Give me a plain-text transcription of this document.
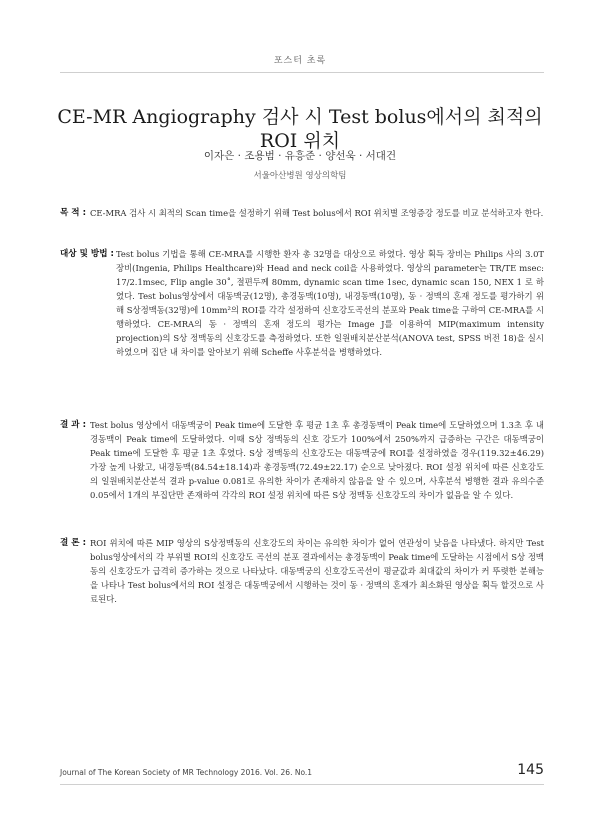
포스터 초록
CE-MR Angiography 검사 시 Test bolus에서의 최적의 ROI 위치
이자은 · 조용범 · 유흥준 · 양선욱 · 서대건
서울아산병원 영상의학팀
목 적 : CE-MRA 검사 시 최적의 Scan time을 설정하기 위해 Test bolus에서 ROI 위치별 조영증강 정도를 비교 분석하고자 한다.

대상 및 방법 : Test bolus 기법을 통해 CE-MRA를 시행한 환자 총 32명을 대상으로 하였다. 영상 획득 장비는 Philips 사의 3.0T 장비(Ingenia, Philips Healthcare)와 Head and neck coil을 사용하였다. 영상의 parameter는 TR/TE msec: 17/2.1msec, Flip angle 30˚, 절편두께 80mm, dynamic scan time 1sec, dynamic scan 150, NEX 1 로 하였다. Test bolus영상에서 대동맥궁(12명), 총경동맥(10명), 내경동맥(10명), 동 · 정맥의 혼재 정도를 평가하기 위해 S상정맥동(32명)에 10mm²의 ROI를 각각 설정하여 신호강도곡선의 분포와 Peak time을 구하여 CE-MRA를 시행하였다. CE-MRA의 동 · 정맥의 혼재 정도의 평가는 Image J를 이용하여 MIP(maximum intensity projection)의 S상 정맥동의 신호강도를 측정하였다. 또한 일원배치분산분석(ANOVA test, SPSS 버전 18)을 실시하였으며 집단 내 차이를 알아보기 위해 Scheffe 사후분석을 병행하였다.

결 과 : Test bolus 영상에서 대동맥궁이 Peak time에 도달한 후 평균 1초 후 총경동맥이 Peak time에 도달하였으며 1.3초 후 내경동맥이 Peak time에 도달하였다. 이때 S상 정맥동의 신호 강도가 100%에서 250%까지 급증하는 구간은 대동맥궁이 Peak time에 도달한 후 평균 1초 후였다. S상 정맥동의 신호강도는 대동맥궁에 ROI를 설정하였을 경우(119.32±46.29) 가장 높게 나왔고, 내경동맥(84.54±18.14)과 총경동맥(72.49±22.17) 순으로 낮아졌다. ROI 설정 위치에 따른 신호강도의 일원배치분산분석 결과 p-value 0.081로 유의한 차이가 존재하지 않음을 알 수 있으며, 사후분석 병행한 결과 유의수준 0.05에서 1개의 부집단만 존재하여 각각의 ROI 설정 위치에 따른 S상 정맥동 신호강도의 차이가 없음을 알 수 있다.

결 론 : ROI 위치에 따른 MIP 영상의 S상정맥동의 신호강도의 차이는 유의한 차이가 없어 연관성이 낮음을 나타냈다. 하지만 Test bolus영상에서의 각 부위별 ROI의 신호강도 곡선의 분포 결과에서는 총경동맥이 Peak time에 도달하는 시점에서 S상 정맥동의 신호강도가 급격히 증가하는 것으로 나타났다. 대동맥궁의 신호강도곡선이 평균값과 최대값의 차이가 커 뚜렷한 분해능을 나타나 Test bolus에서의 ROI 설정은 대동맥궁에서 시행하는 것이 동 · 정맥의 혼재가 최소화된 영상을 획득 할것으로 사료된다.

Journal of The Korean Society of MR Technology 2016. Vol. 26. No.1	145
